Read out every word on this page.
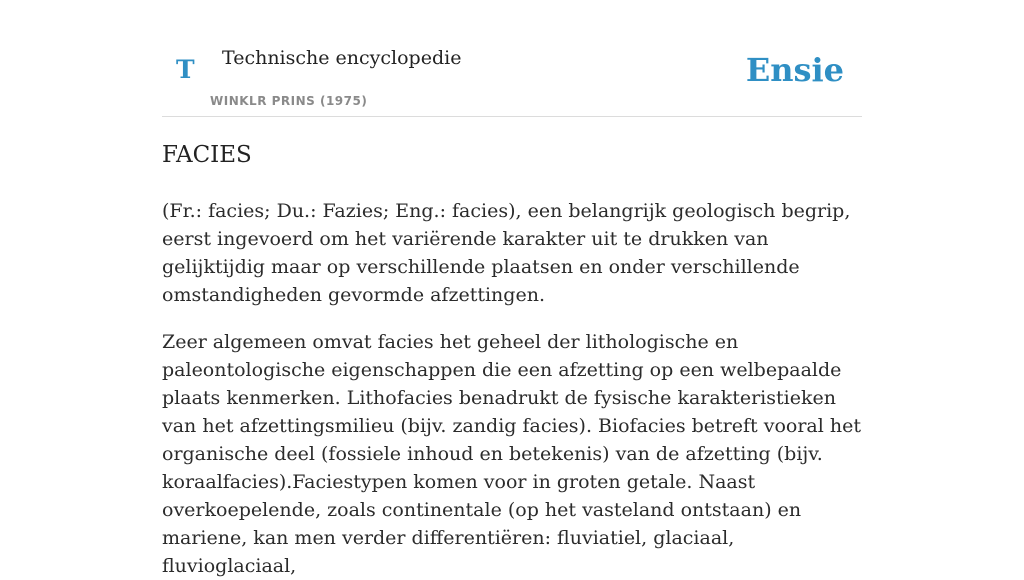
T Technische encyclopedie
WINKLR PRINS (1975)
Ensie
FACIES

(Fr.: facies; Du.: Fazies; Eng.: facies), een belangrijk geologisch begrip, eerst ingevoerd om het variërende karakter uit te drukken van gelijktijdig maar op verschillende plaatsen en onder verschillende omstandigheden gevormde afzettingen.

Zeer algemeen omvat facies het geheel der lithologische en paleontologische eigenschappen die een afzetting op een welbepaalde plaats kenmerken. Lithofacies benadrukt de fysische karakteristieken van het afzettingsmilieu (bijv. zandig facies). Biofacies betreft vooral het organische deel (fossiele inhoud en betekenis) van de afzetting (bijv. koraalfacies).Faciestypen komen voor in groten getale. Naast overkoepelende, zoals continentale (op het vasteland ontstaan) en mariene, kan men verder differentiëren: fluviatiel, glaciaal, fluvioglaciaal,
